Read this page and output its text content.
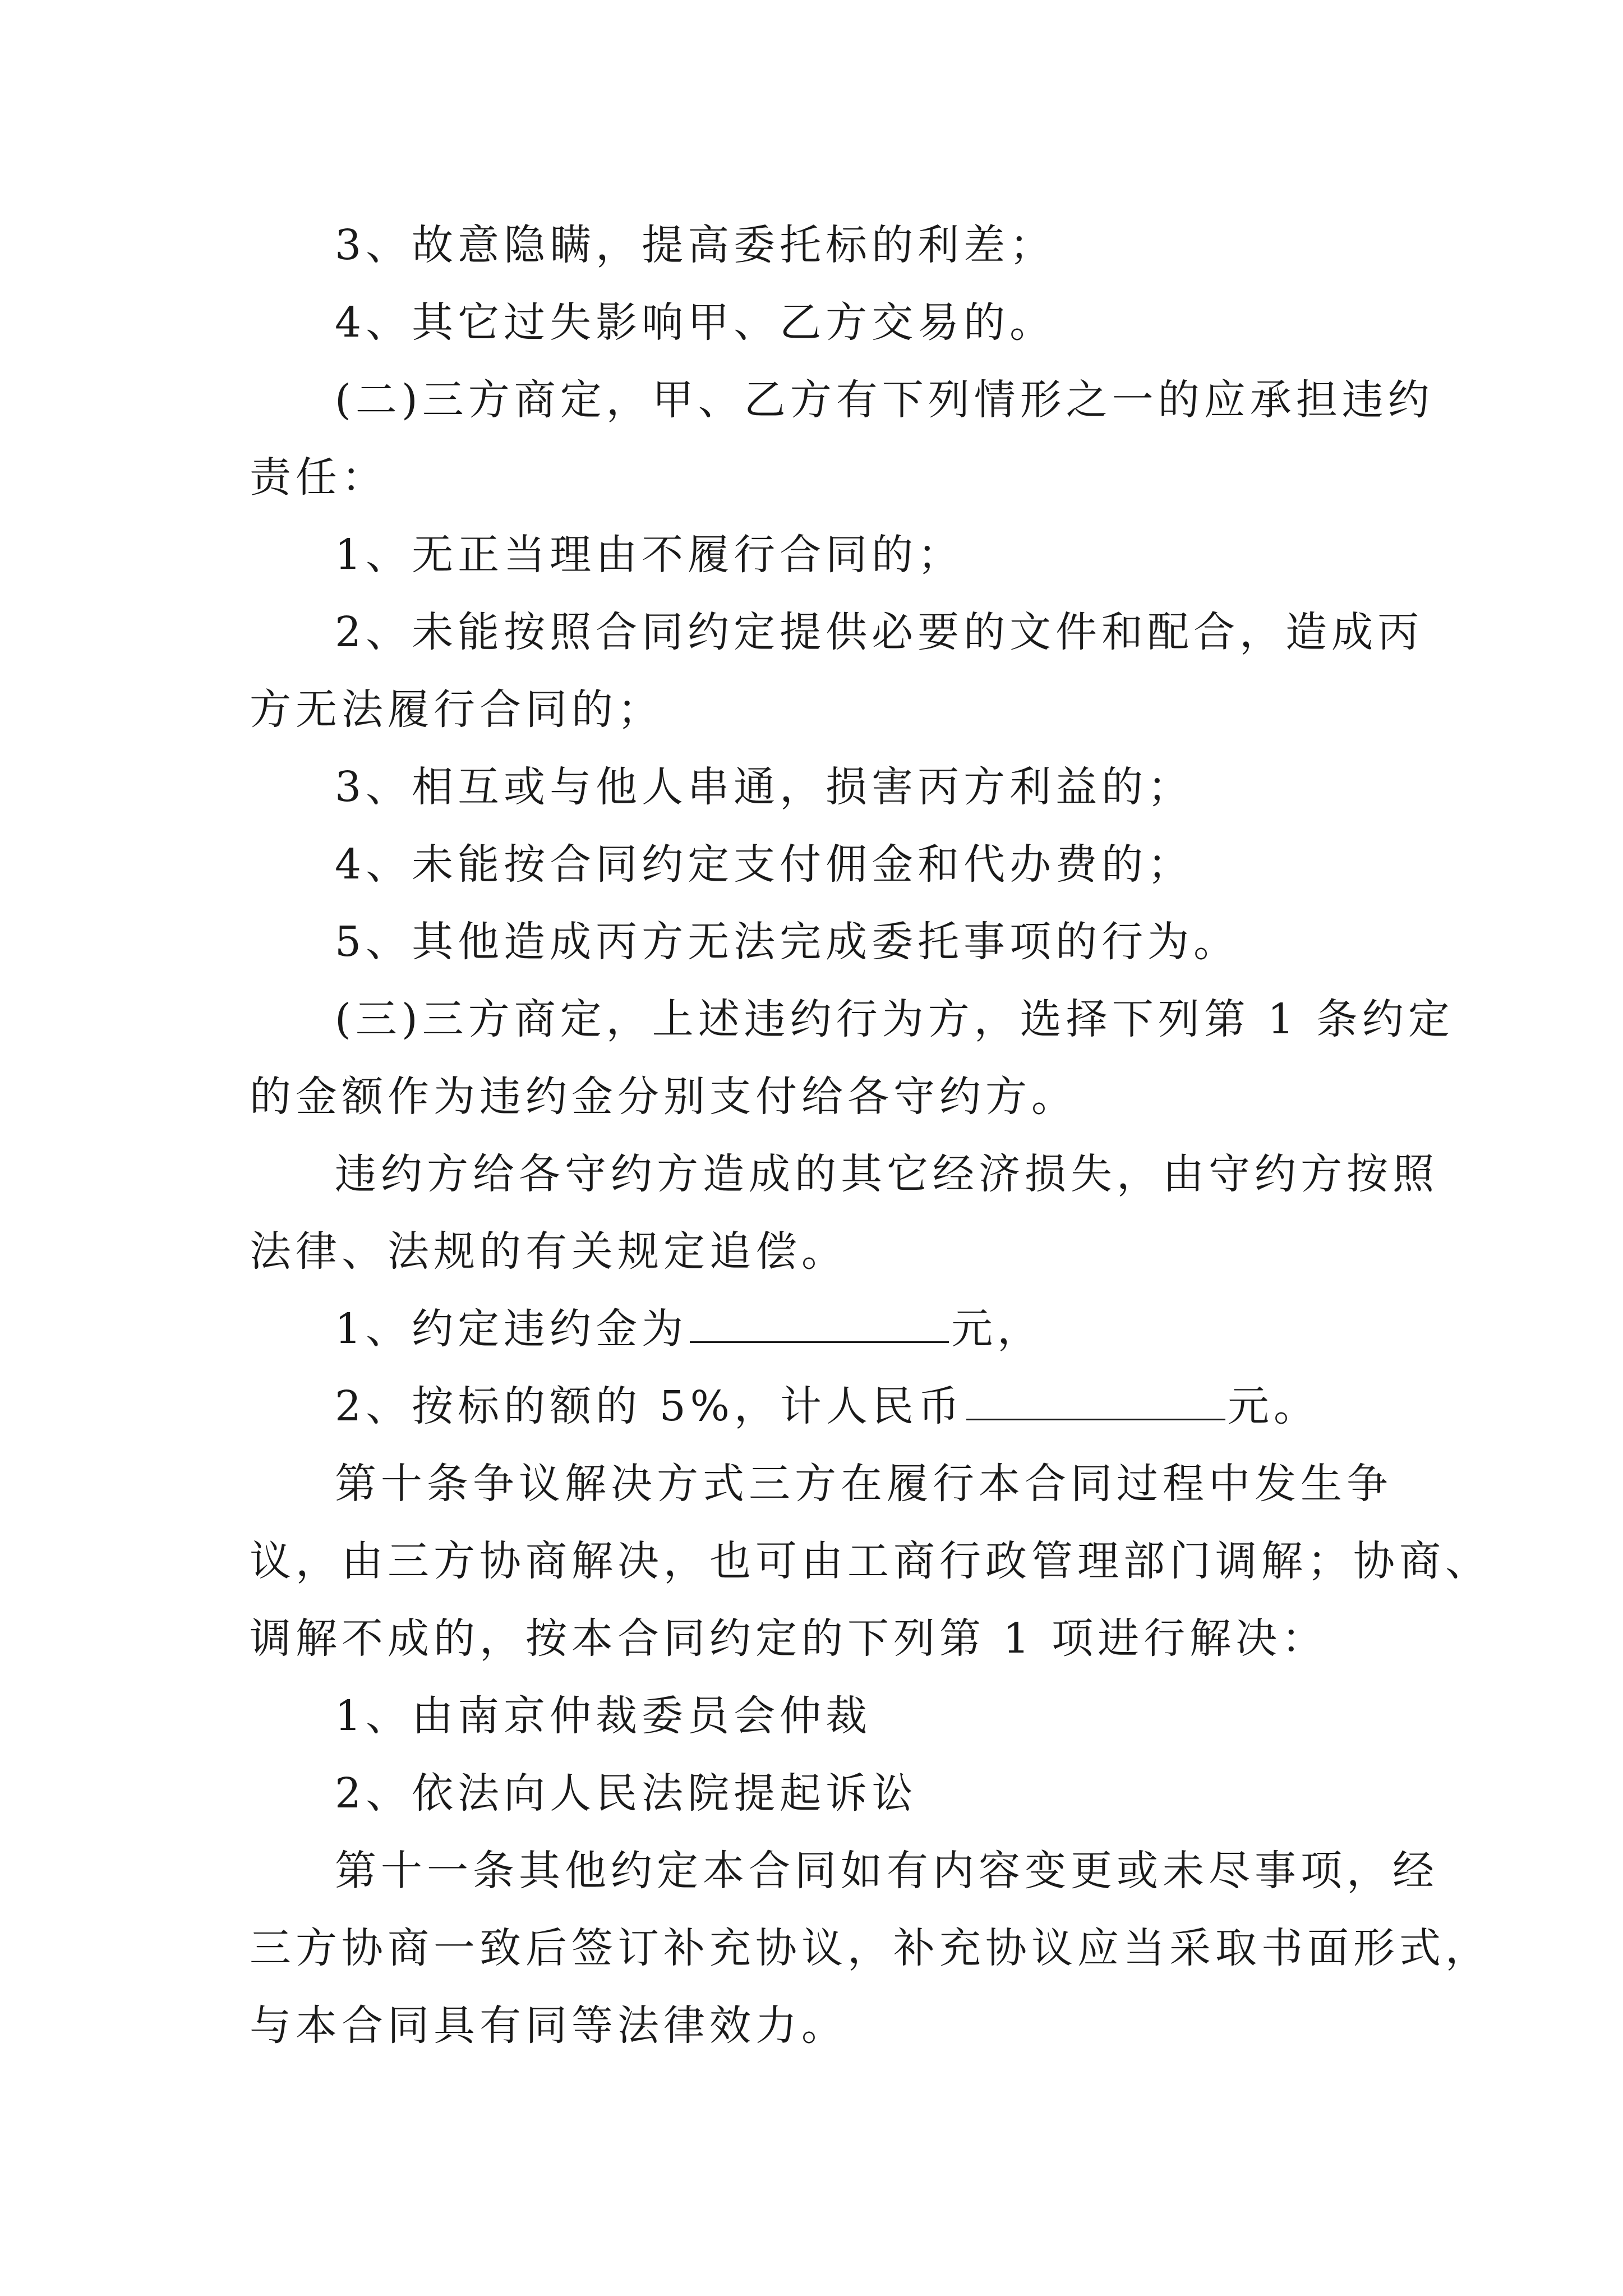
3、故意隐瞒，提高委托标的利差；
4、其它过失影响甲、乙方交易的。
(二)三方商定，甲、乙方有下列情形之一的应承担违约
责任：
1、无正当理由不履行合同的；
2、未能按照合同约定提供必要的文件和配合，造成丙
方无法履行合同的；
3、相互或与他人串通，损害丙方利益的；
4、未能按合同约定支付佣金和代办费的；
5、其他造成丙方无法完成委托事项的行为。
(三)三方商定，上述违约行为方，选择下列第 1 条约定
的金额作为违约金分别支付给各守约方。
违约方给各守约方造成的其它经济损失，由守约方按照
法律、法规的有关规定追偿。
1、约定违约金为	元，
2、按标的额的 5%，计人民币	元。
第十条争议解决方式三方在履行本合同过程中发生争
议，由三方协商解决，也可由工商行政管理部门调解；协商、
调解不成的，按本合同约定的下列第 1 项进行解决：
1、由南京仲裁委员会仲裁
2、依法向人民法院提起诉讼
第十一条其他约定本合同如有内容变更或未尽事项，经
三方协商一致后签订补充协议，补充协议应当采取书面形式，
与本合同具有同等法律效力。
